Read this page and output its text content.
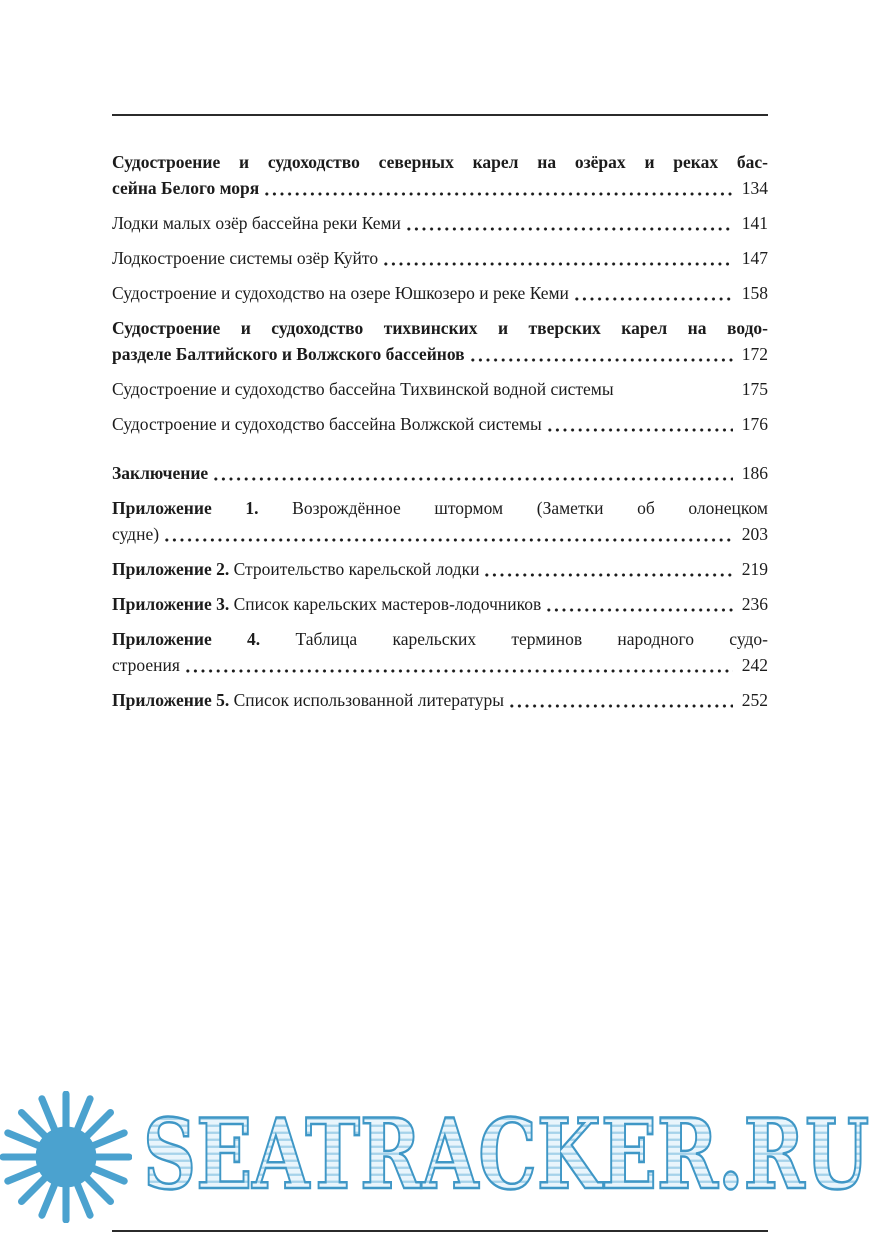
Судостроение и судоходство северных карел на озёрах и реках бас-
сейна Белого моря	134
Лодки малых озёр бассейна реки Кеми	141
Лодкостроение системы озёр Куйто	147
Судостроение и судоходство на озере Юшкозеро и реке Кеми	158
Судостроение и судоходство тихвинских и тверских карел на водо-
разделе Балтийского и Волжского бассейнов	172
Судостроение и судоходство бассейна Тихвинской водной системы	175
Судостроение и судоходство бассейна Волжской системы	176
Заключение	186
Приложение 1. Возрождённое штормом (Заметки об олонецком
судне)	203
Приложение 2. Строительство карельской лодки	219
Приложение 3. Список карельских мастеров-лодочников	236
Приложение 4. Таблица карельских терминов народного судо-
строения	242
Приложение 5. Список использованной литературы	252
SEATRACKER.RU
